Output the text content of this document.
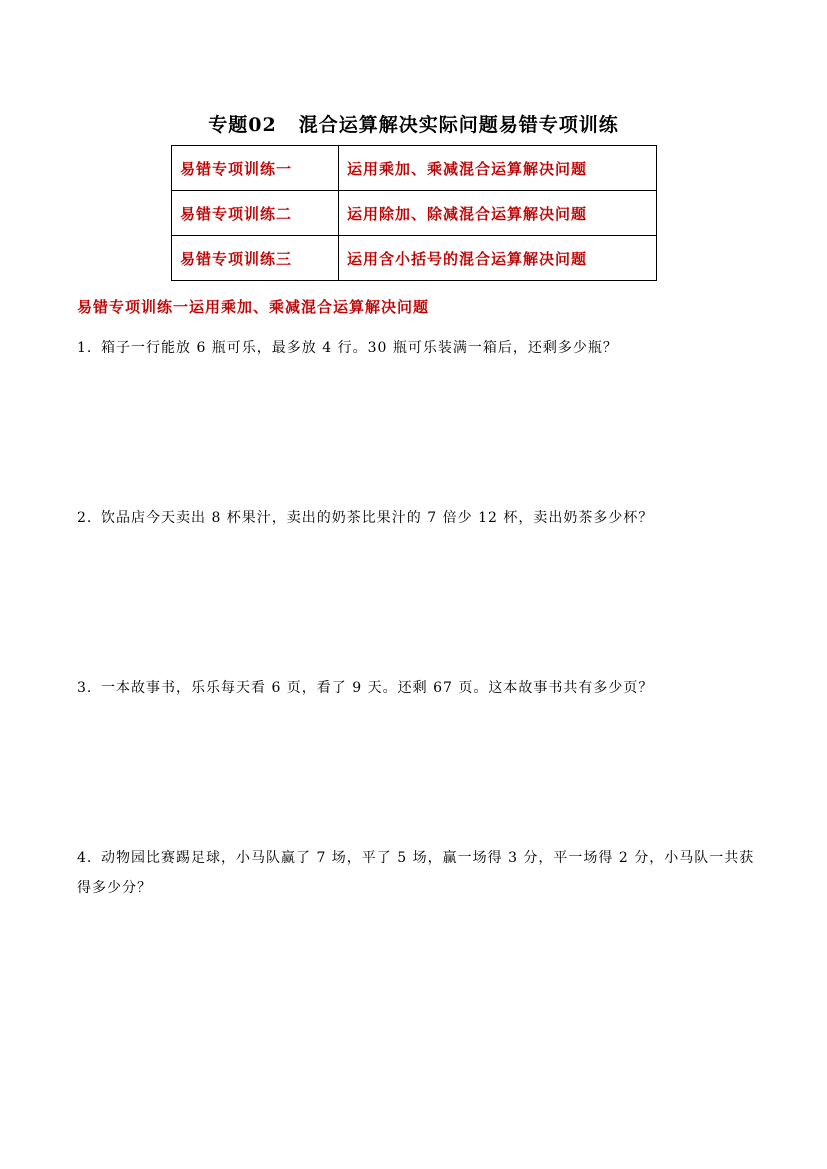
专题02 混合运算解决实际问题易错专项训练
易错专项训练一	运用乘加、乘减混合运算解决问题
易错专项训练二	运用除加、除减混合运算解决问题
易错专项训练三	运用含小括号的混合运算解决问题
易错专项训练一运用乘加、乘减混合运算解决问题
1. 箱子一行能放 6 瓶可乐，最多放 4 行。30 瓶可乐装满一箱后，还剩多少瓶？
2. 饮品店今天卖出 8 杯果汁，卖出的奶茶比果汁的 7 倍少 12 杯，卖出奶茶多少杯？
3. 一本故事书，乐乐每天看 6 页，看了 9 天。还剩 67 页。这本故事书共有多少页？
4. 动物园比赛踢足球，小马队赢了 7 场，平了 5 场，赢一场得 3 分，平一场得 2 分，小马队一共获得多少分？
